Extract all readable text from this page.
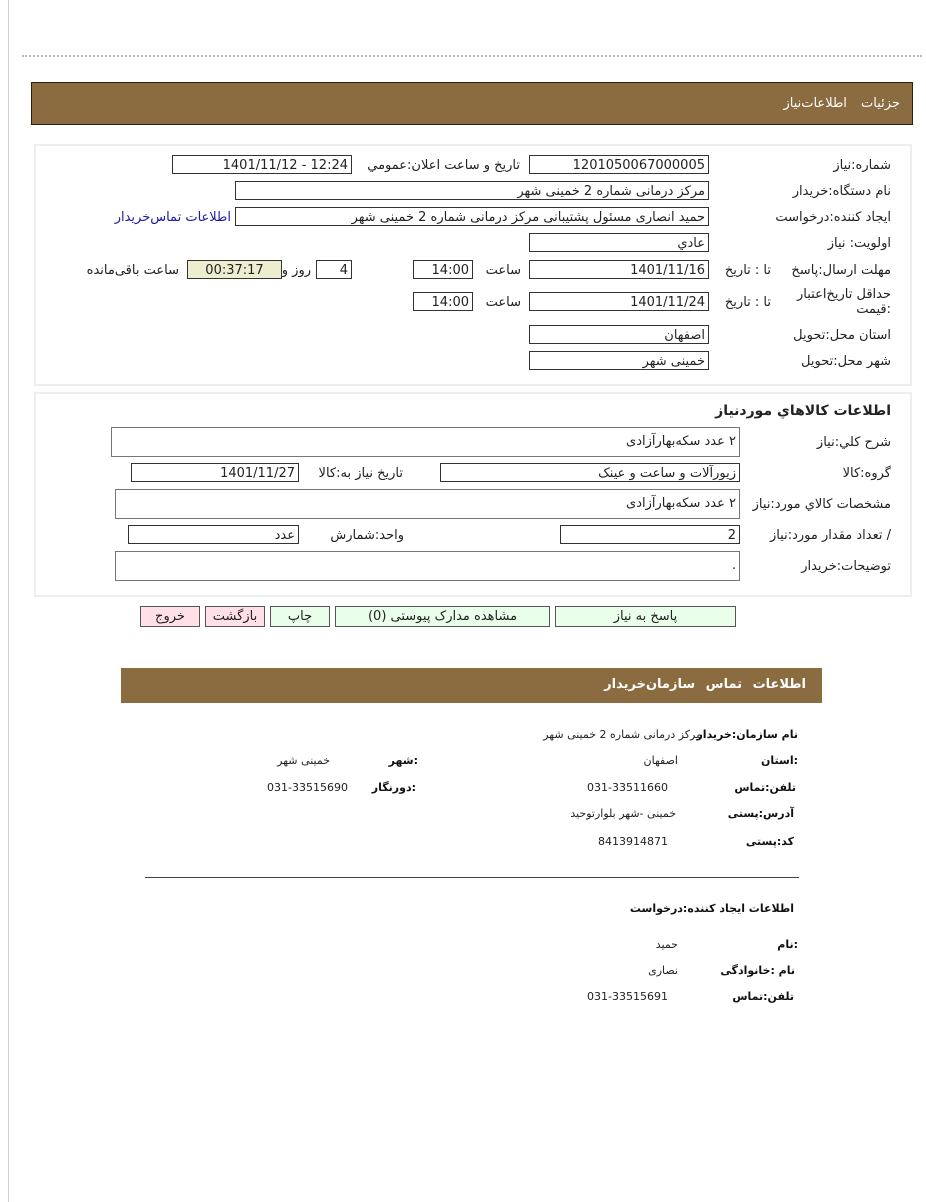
جزئیات اطلاعات‌نیاز
شماره:نیاز
1201050067000005
تاریخ و ساعت اعلان:عمومي
1401/11/12 - 12:24
نام دستگاه:خریدار
مرکز درمانی شماره 2 خمینی شهر
ایجاد کننده:درخواست
حمید انصاری مسئول پشتیبانی مرکز درمانی شماره 2 خمینی شهر
اطلاعات تماس‌خریدار
اولویت: نیاز
عادي
مهلت ارسال:پاسخ
تا : تاریخ
1401/11/16
ساعت
14:00
4
روز و
00:37:17
ساعت باقی‌مانده
حداقل تاریخ‌اعتبار :قیمت
تا : تاریخ
1401/11/24
ساعت
14:00
استان محل:تحویل
اصفهان
شهر محل:تحویل
خمینی شهر
اطلاعات کالاهاي موردنیاز
شرح کلي:نیاز
۲ عدد سکه‌بهارآزادی
گروه:کالا
زیورآلات و ساعت و عینک
تاریخ نیاز به:کالا
1401/11/27
مشخصات کالاي مورد:نیاز
۲ عدد سکه‌بهارآزادی
/ تعداد مقدار مورد:نیاز
2
واحد:شمارش
عدد
توضیحات:خریدار
.
پاسخ به نیاز
مشاهده مدارک پیوستی (0)
چاپ
بازگشت
خروج
اطلاعات تماس سازمان‌خریدار
نام سازمان:خریدار
مرکز درمانی شماره 2 خمینی شهر
:استان
اصفهان
:شهر
خمینی شهر
تلفن:تماس
031-33511660
:دورنگار
031-33515690
آدرس:پستی
خمینی -شهر بلوارتوحید
کد:پستی
8413914871
اطلاعات ایجاد کننده:درخواست
:نام
حمید
نام :خانوادگی
نصاری
تلفن:تماس
031-33515691
